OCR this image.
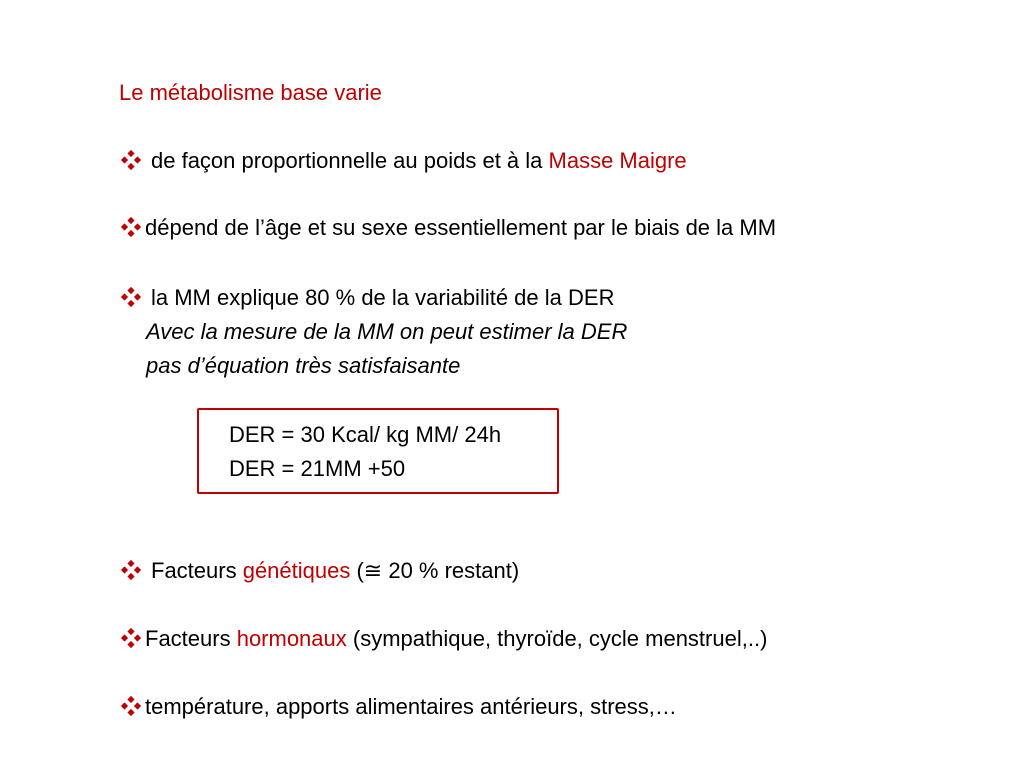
Le métabolisme base varie
de façon proportionnelle au poids et à la Masse Maigre
dépend de l’âge et su sexe essentiellement par le biais de la MM
la MM explique 80 % de la variabilité de la DER
Avec la mesure de la MM on peut estimer la DER
pas d’équation très satisfaisante
DER = 30 Kcal/ kg MM/ 24h
DER = 21MM +50
Facteurs génétiques (≅ 20 % restant)
Facteurs hormonaux (sympathique, thyroïde, cycle menstruel,..)
température, apports alimentaires antérieurs, stress,…
